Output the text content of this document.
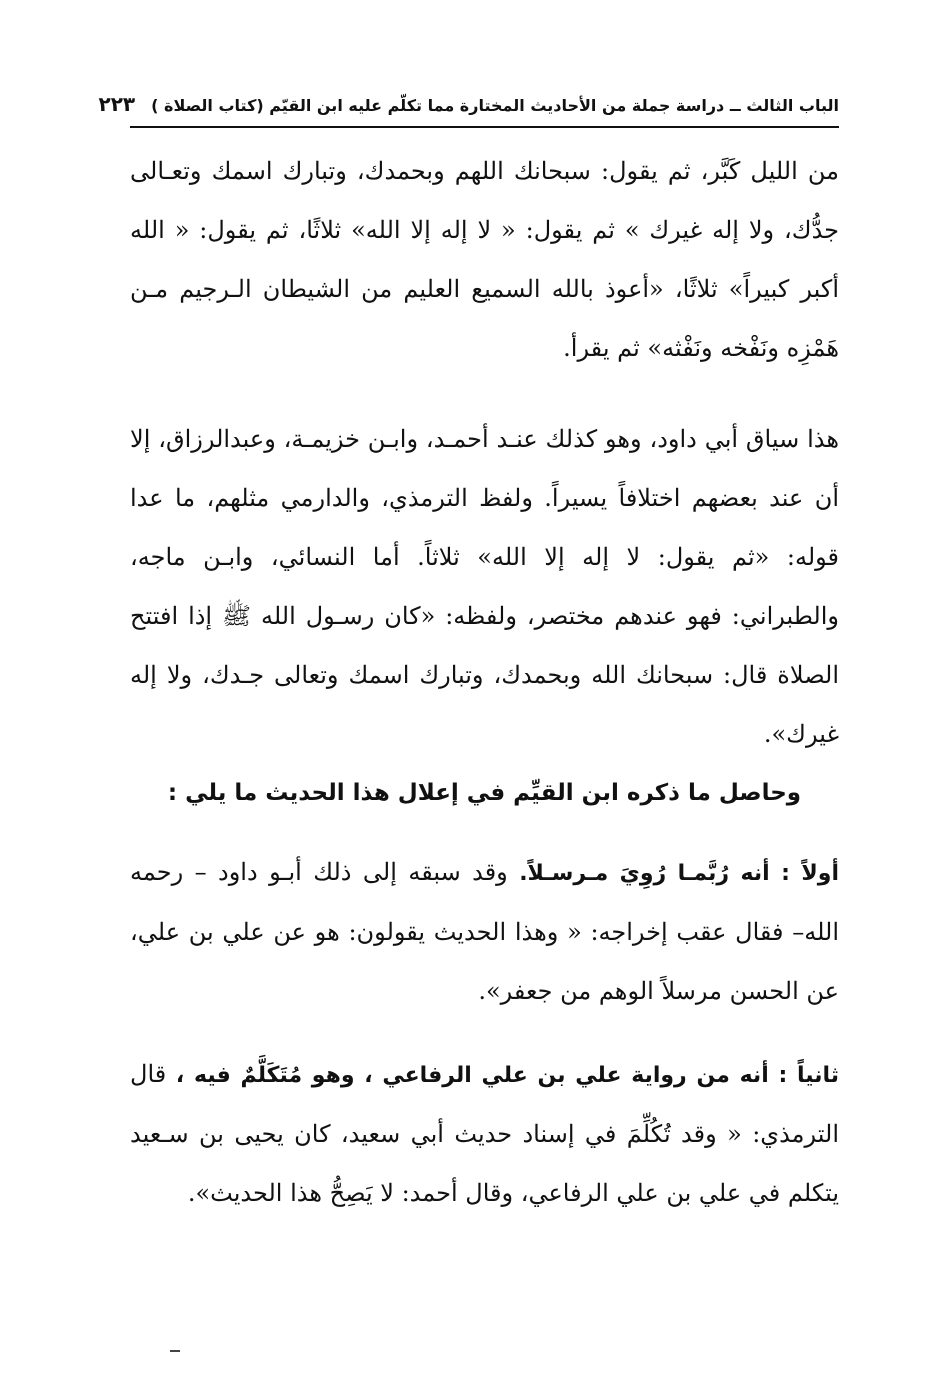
الباب الثالث ــ دراسة جملة من الأحاديث المختارة مما تكلّم عليه ابن القيّم (كتاب الصلاة )
٢٢٣

من الليل كَبَّر، ثم يقول: سبحانك اللهم وبحمدك، وتبارك اسمك وتعـالى جدُّك، ولا إله غيرك » ثم يقول: « لا إله إلا الله» ثلاثًا، ثم يقول: « الله أكبر كبيراً» ثلاثًا، «أعوذ بالله السميع العليم من الشيطان الـرجيم مـن هَمْزِه ونَفْخه ونَفْثه» ثم يقرأ.

هذا سياق أبي داود، وهو كذلك عنـد أحمـد، وابـن خزيمـة، وعبدالرزاق، إلا أن عند بعضهم اختلافاً يسيراً. ولفظ الترمذي، والدارمي مثلهم، ما عدا قوله: «ثم يقول: لا إله إلا الله» ثلاثاً. أما النسائي، وابـن ماجه، والطبراني: فهو عندهم مختصر، ولفظه: «كان رسـول الله ﷺ إذا افتتح الصلاة قال: سبحانك الله وبحمدك، وتبارك اسمك وتعالى جـدك، ولا إله غيرك».

وحاصل ما ذكره ابن القيِّم في إعلال هذا الحديث ما يلي :

أولاً : أنه رُبَّمـا رُوِيَ مـرسـلاً. وقد سبقه إلى ذلك أبـو داود – رحمه الله– فقال عقب إخراجه: « وهذا الحديث يقولون: هو عن علي بن علي، عن الحسن مرسلاً الوهم من جعفر».

ثانياً : أنه من رواية علي بن علي الرفاعي ، وهو مُتَكَلَّمٌ فيه ، قال الترمذي: « وقد تُكُلِّمَ في إسناد حديث أبي سعيد، كان يحيى بن سـعيد يتكلم في علي بن علي الرفاعي، وقال أحمد: لا يَصِحُّ هذا الحديث».
